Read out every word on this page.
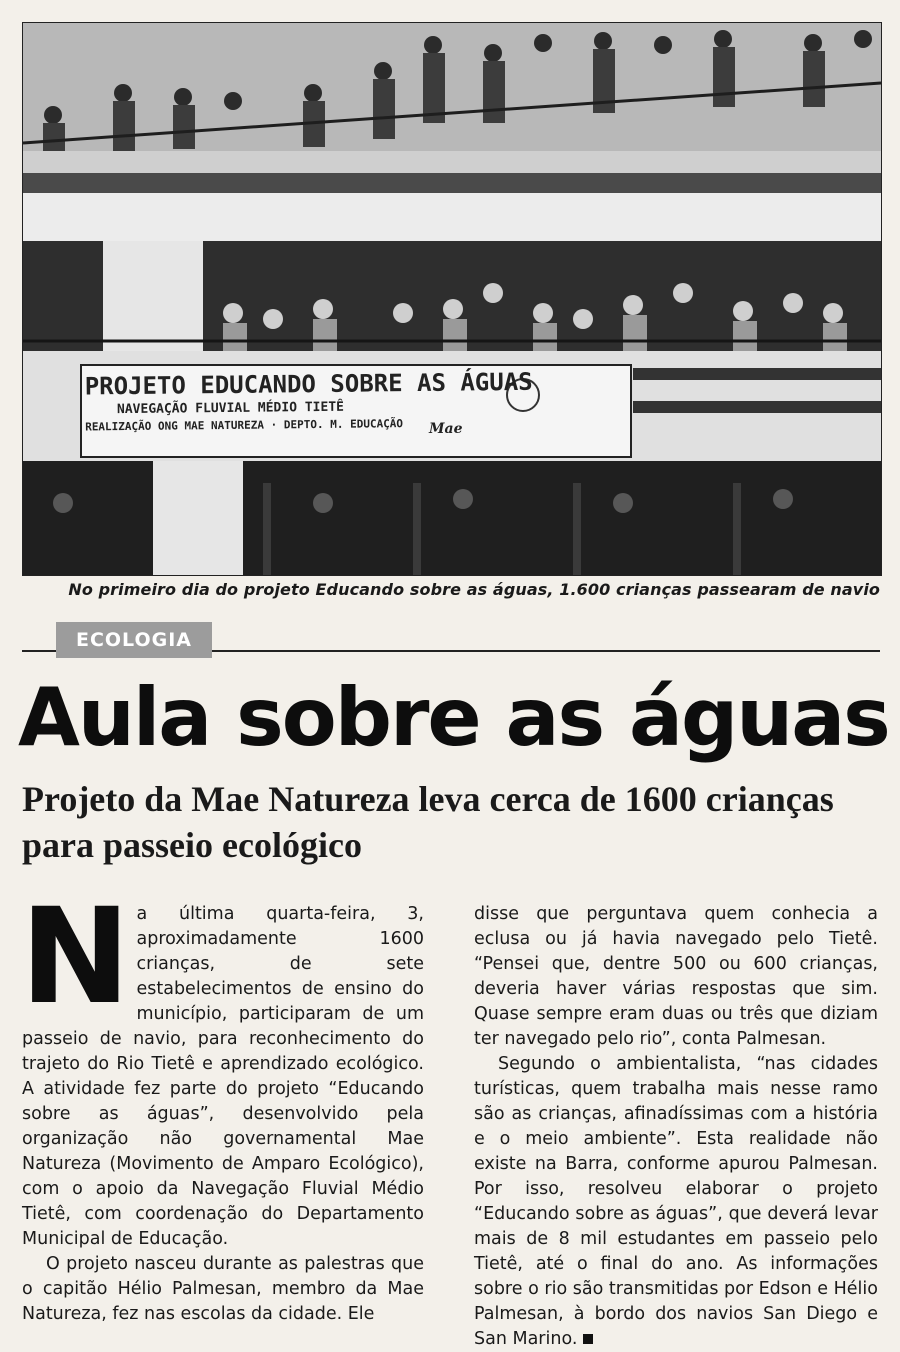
PROJETO EDUCANDO SOBRE AS ÁGUAS
NAVEGAÇÃO FLUVIAL MÉDIO TIETÊ
REALIZAÇÃO ONG MAE NATUREZA · DEPTO. M. EDUCAÇÃO	Mae
No primeiro dia do projeto Educando sobre as águas, 1.600 crianças passearam de navio
ECOLOGIA
Aula sobre as águas
Projeto da Mae Natureza leva cerca de 1600 crianças para passeio ecológico

Na última quarta-feira, 3, aproximadamente 1600 crianças, de sete estabelecimentos de ensino do município, participaram de um passeio de navio, para reconhecimento do trajeto do Rio Tietê e aprendizado ecológico. A atividade fez parte do projeto “Educando sobre as águas”, desenvolvido pela organização não governamental Mae Natureza (Movimento de Amparo Ecológico), com o apoio da Navegação Fluvial Médio Tietê, com coordenação do Departamento Municipal de Educação.

O projeto nasceu durante as palestras que o capitão Hélio Palmesan, membro da Mae Natureza, fez nas escolas da cidade. Ele

disse que perguntava quem conhecia a eclusa ou já havia navegado pelo Tietê. “Pensei que, dentre 500 ou 600 crianças, deveria haver várias respostas que sim. Quase sempre eram duas ou três que diziam ter navegado pelo rio”, conta Palmesan.

Segundo o ambientalista, “nas cidades turísticas, quem trabalha mais nesse ramo são as crianças, afinadíssimas com a história e o meio ambiente”. Esta realidade não existe na Barra, conforme apurou Palmesan. Por isso, resolveu elaborar o projeto “Educando sobre as águas”, que deverá levar mais de 8 mil estudantes em passeio pelo Tietê, até o final do ano. As informações sobre o rio são transmitidas por Edson e Hélio Palmesan, à bordo dos navios San Diego e San Marino.
